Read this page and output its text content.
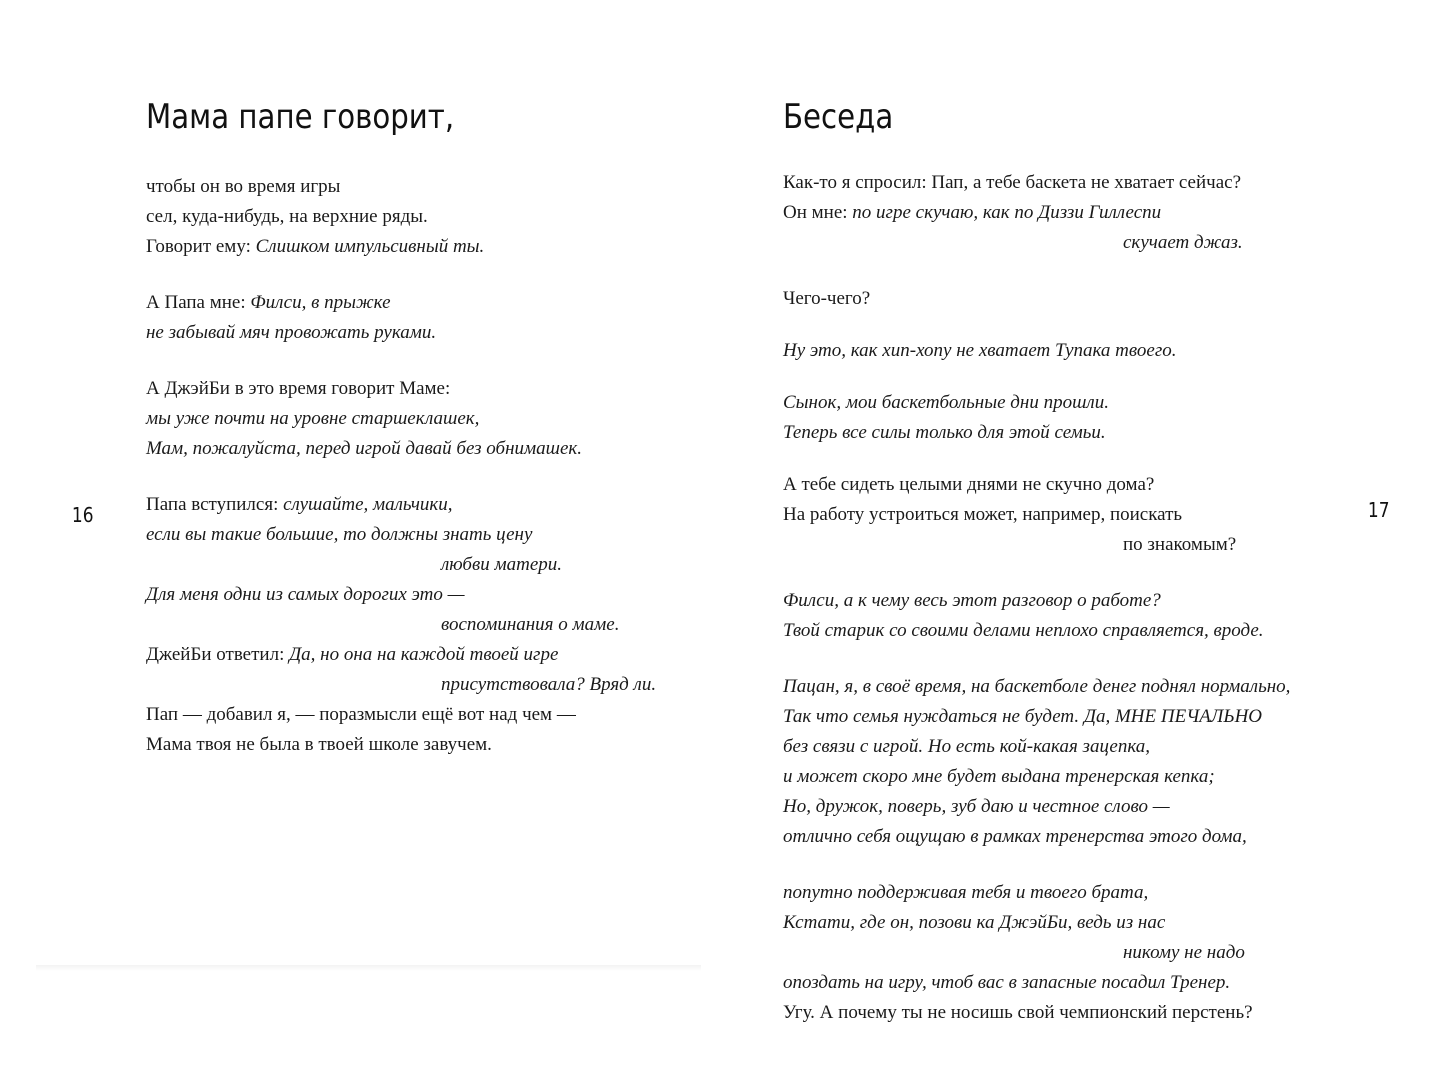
Мама папе говорит,
чтобы он во время игры
сел, куда-нибудь, на верхние ряды.
Говорит ему: Слишком импульсивный ты.
А Папа мне: Филси, в прыжке
не забывай мяч провожать руками.
А ДжэйБи в это время говорит Маме:
мы уже почти на уровне старшеклашек,
Мам, пожалуйста, перед игрой давай без обнимашек.
Папа вступился: слушайте, мальчики,
если вы такие большие, то должны знать цену
любви матери.
Для меня одни из самых дорогих это —
воспоминания о маме.
ДжейБи ответил: Да, но она на каждой твоей игре
присутствовала? Вряд ли.
Пап — добавил я, — поразмысли ещё вот над чем —
Мама твоя не была в твоей школе завучем.
16
Беседа
Как-то я спросил: Пап, а тебе баскета не хватает сейчас?
Он мне: по игре скучаю, как по Диззи Гиллеспи
скучает джаз.
Чего-чего?
Ну это, как хип-хопу не хватает Тупака твоего.
Сынок, мои баскетбольные дни прошли.
Теперь все силы только для этой семьи.
А тебе сидеть целыми днями не скучно дома?
На работу устроиться может, например, поискать
по знакомым?
Филси, а к чему весь этот разговор о работе?
Твой старик со своими делами неплохо справляется, вроде.
Пацан, я, в своё время, на баскетболе денег поднял нормально,
Так что семья нуждаться не будет. Да, МНЕ ПЕЧАЛЬНО
без связи с игрой. Но есть кой-какая зацепка,
и может скоро мне будет выдана тренерская кепка;
Но, дружок, поверь, зуб даю и честное слово —
отлично себя ощущаю в рамках тренерства этого дома,
попутно поддерживая тебя и твоего брата,
Кстати, где он, позови ка ДжэйБи, ведь из нас
никому не надо
опоздать на игру, чтоб вас в запасные посадил Тренер.
Угу. А почему ты не носишь свой чемпионский перстень?
17
